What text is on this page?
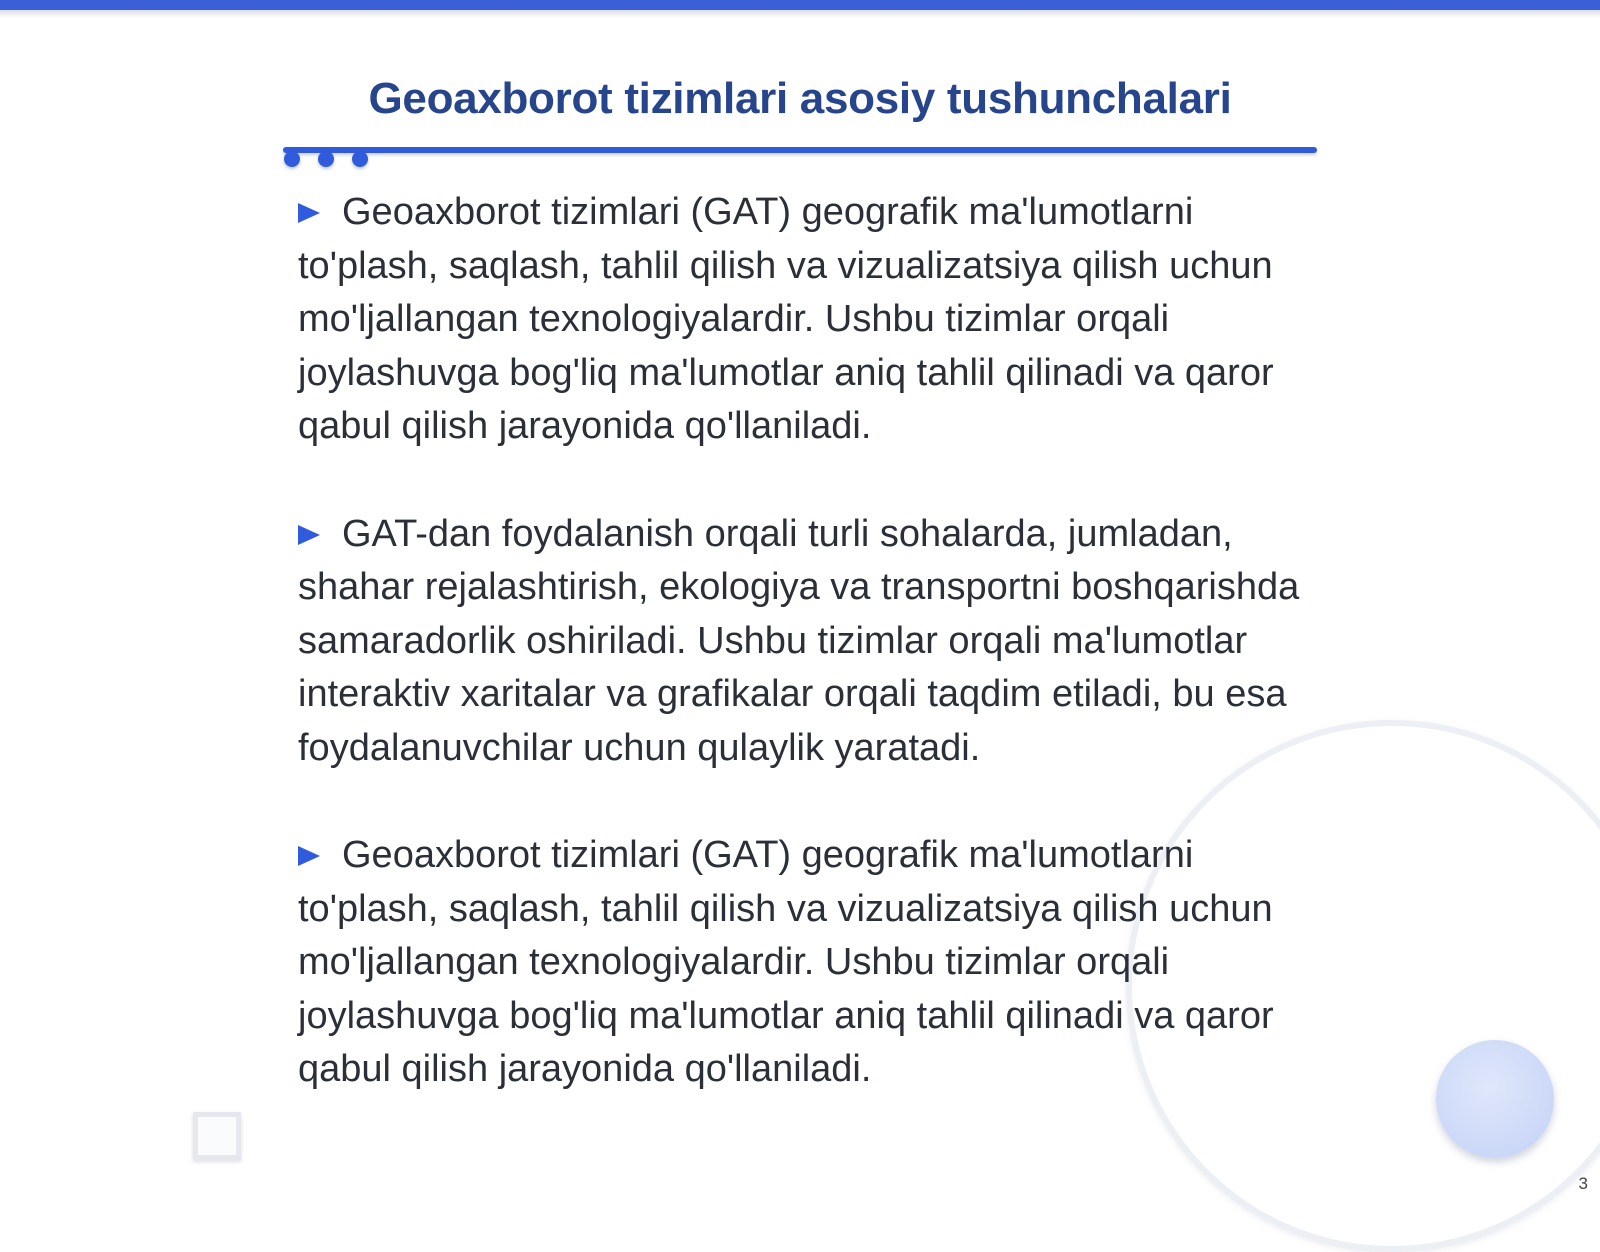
Geoaxborot tizimlari asosiy tushunchalari

Geoaxborot tizimlari (GAT) geografik ma'lumotlarni to'plash, saqlash, tahlil qilish va vizualizatsiya qilish uchun mo'ljallangan texnologiyalardir. Ushbu tizimlar orqali joylashuvga bog'liq ma'lumotlar aniq tahlil qilinadi va qaror qabul qilish jarayonida qo'llaniladi.

GAT-dan foydalanish orqali turli sohalarda, jumladan, shahar rejalashtirish, ekologiya va transportni boshqarishda samaradorlik oshiriladi. Ushbu tizimlar orqali ma'lumotlar interaktiv xaritalar va grafikalar orqali taqdim etiladi, bu esa foydalanuvchilar uchun qulaylik yaratadi.

Geoaxborot tizimlari (GAT) geografik ma'lumotlarni to'plash, saqlash, tahlil qilish va vizualizatsiya qilish uchun mo'ljallangan texnologiyalardir. Ushbu tizimlar orqali joylashuvga bog'liq ma'lumotlar aniq tahlil qilinadi va qaror qabul qilish jarayonida qo'llaniladi.

3
